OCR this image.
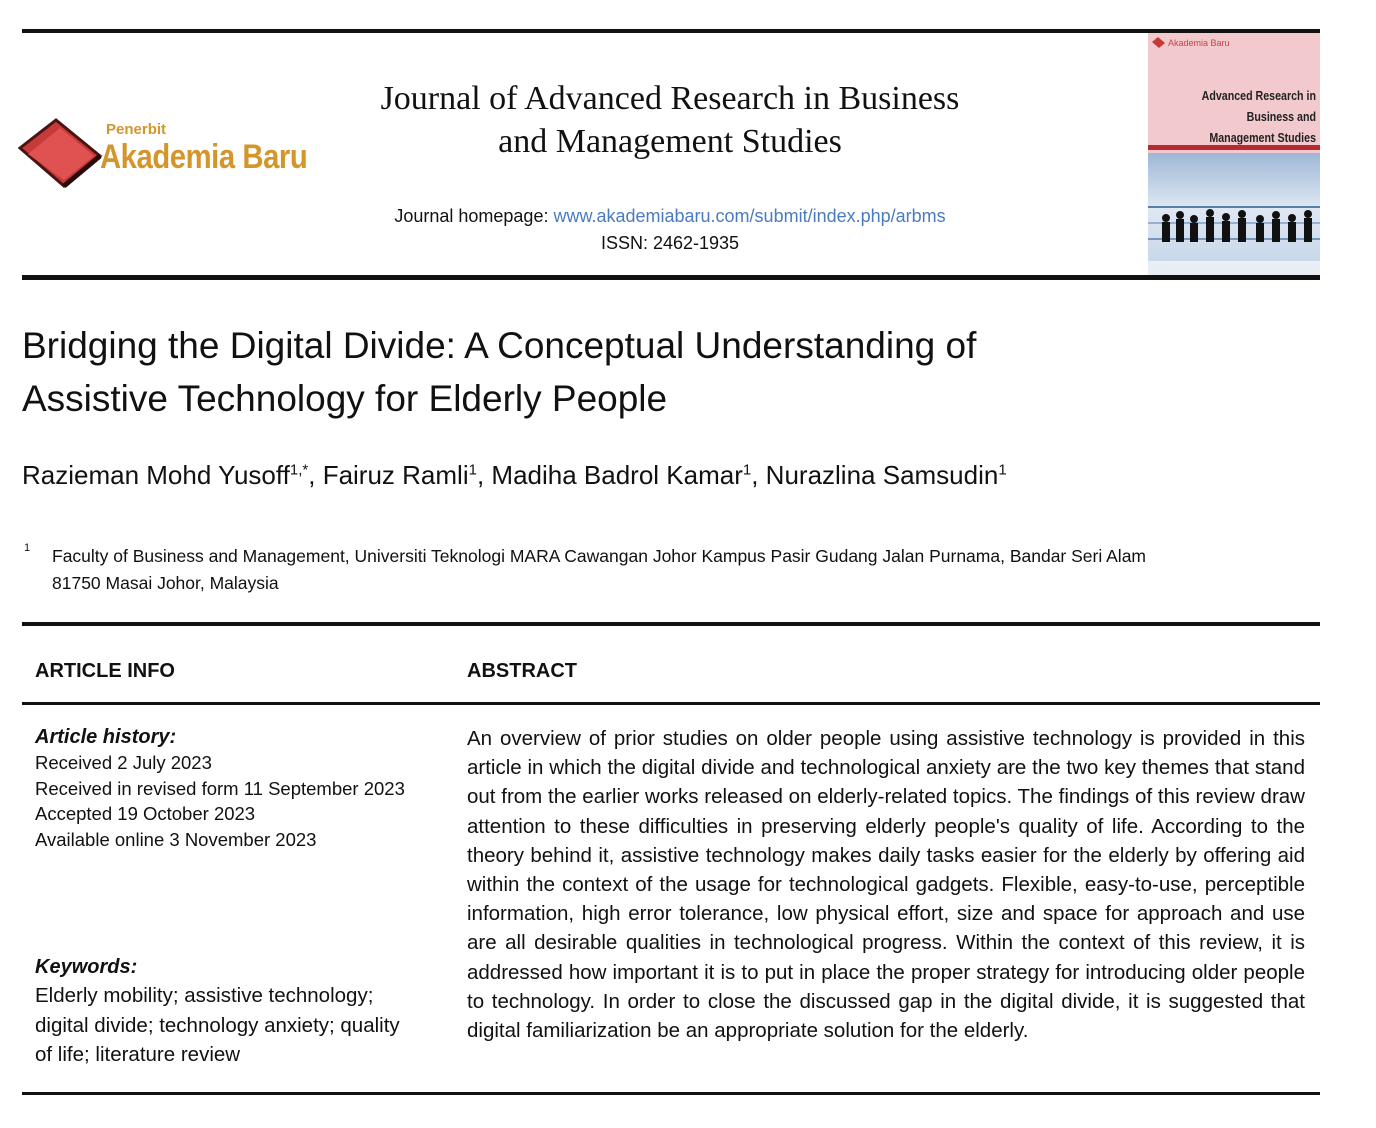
Penerbit
Akademia Baru
Journal of Advanced Research in Business
and Management Studies
Journal homepage: www.akademiabaru.com/submit/index.php/arbms
ISSN: 2462-1935
Akademia Baru
Advanced Research in
Business and
Management Studies
Bridging the Digital Divide: A Conceptual Understanding of
Assistive Technology for Elderly People
Razieman Mohd Yusoff$^{1,*}$, Fairuz Ramli$^1$, Madiha Badrol Kamar$^1$, Nurazlina Samsudin$^1$
1 Faculty of Business and Management, Universiti Teknologi MARA Cawangan Johor Kampus Pasir Gudang Jalan Purnama, Bandar Seri Alam
81750 Masai Johor, Malaysia
ARTICLE INFO	ABSTRACT
Article history:
Received 2 July 2023
Received in revised form 11 September 2023
Accepted 19 October 2023
Available online 3 November 2023
Keywords:
Elderly mobility; assistive technology;
digital divide; technology anxiety; quality
of life; literature review
An overview of prior studies on older people using assistive technology is provided in this article in which the digital divide and technological anxiety are the two key themes that stand out from the earlier works released on elderly-related topics. The findings of this review draw attention to these difficulties in preserving elderly people's quality of life. According to the theory behind it, assistive technology makes daily tasks easier for the elderly by offering aid within the context of the usage for technological gadgets. Flexible, easy-to-use, perceptible information, high error tolerance, low physical effort, size and space for approach and use are all desirable qualities in technological progress. Within the context of this review, it is addressed how important it is to put in place the proper strategy for introducing older people to technology. In order to close the discussed gap in the digital divide, it is suggested that digital familiarization be an appropriate solution for the elderly.
